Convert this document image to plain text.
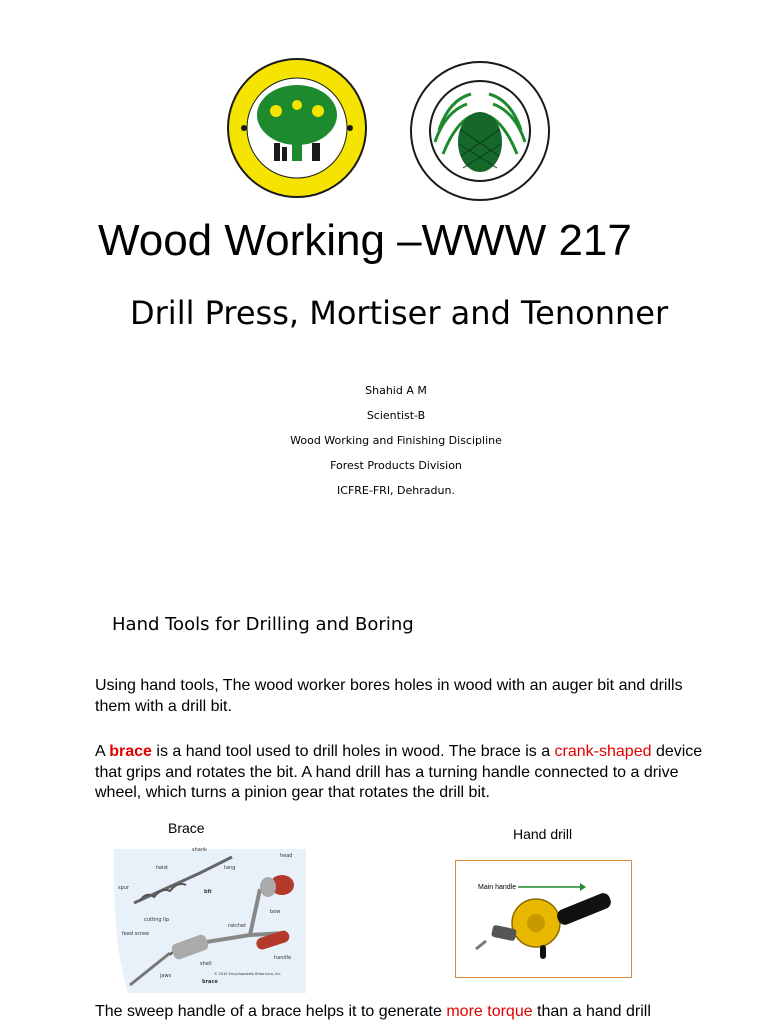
Wood Working –WWW 217
Drill Press, Mortiser and Tenonner
Shahid A M
Scientist-B
Wood Working and Finishing Discipline
Forest Products Division
ICFRE-FRI, Dehradun.
Hand Tools for Drilling and Boring
Using hand tools, The wood worker bores holes in wood with an auger bit and drills them with a drill bit.
A brace is a hand tool used to drill holes in wood. The brace is a crank-shaped device that grips and rotates the bit. A hand drill has a turning handle connected to a drive wheel, which turns a pinion gear that rotates the drill bit.
Brace	Hand drill
shank
head
twist	tang
bit
spur
cutting lip
bow
feed screw
ratchet
jaws
shell
handle
brace
© 2010 Encyclopaedia Britannica, Inc.
Main handle
The sweep handle of a brace helps it to generate more torque than a hand drill
